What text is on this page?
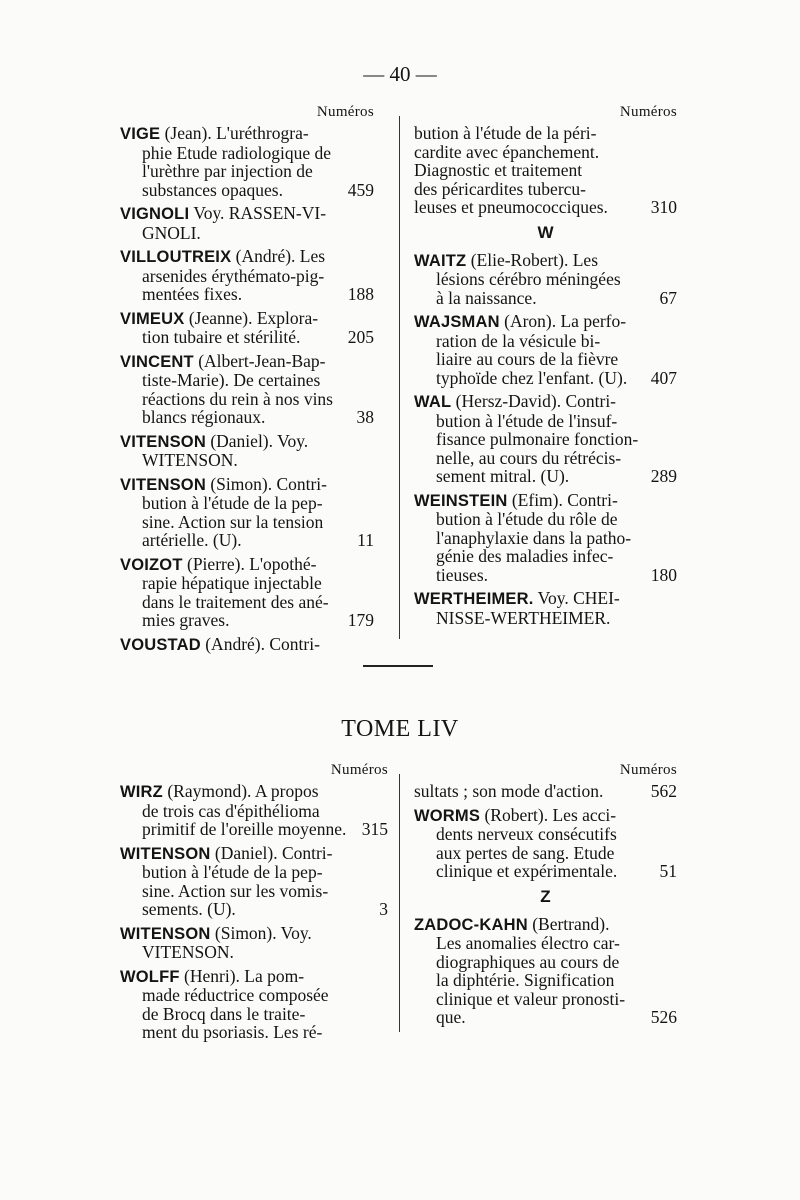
— 40 —
Numéros
VIGE (Jean). L'uréthrogra-
phie Etude radiologique de
l'urèthre par injection de
substances opaques.	459
VIGNOLI Voy. RASSEN-VI-
GNOLI.
VILLOUTREIX (André). Les
arsenides érythémato-pig-
mentées fixes.	188
VIMEUX (Jeanne). Explora-
tion tubaire et stérilité.	205
VINCENT (Albert-Jean-Bap-
tiste-Marie). De certaines
réactions du rein à nos vins
blancs régionaux.	38
VITENSON (Daniel). Voy.
WITENSON.
VITENSON (Simon). Contri-
bution à l'étude de la pep-
sine. Action sur la tension
artérielle. (U).	11
VOIZOT (Pierre). L'opothé-
rapie hépatique injectable
dans le traitement des ané-
mies graves.	179
VOUSTAD (André). Contri-
Numéros
bution à l'étude de la péri-
cardite avec épanchement.
Diagnostic et traitement
des péricardites tubercu-
leuses et pneumococciques.	310
W
WAITZ (Elie-Robert). Les
lésions cérébro méningées
à la naissance.	67
WAJSMAN (Aron). La perfo-
ration de la vésicule bi-
liaire au cours de la fièvre
typhoïde chez l'enfant. (U).	407
WAL (Hersz-David). Contri-
bution à l'étude de l'insuf-
fisance pulmonaire fonction-
nelle, au cours du rétrécis-
sement mitral. (U).	289
WEINSTEIN (Efim). Contri-
bution à l'étude du rôle de
l'anaphylaxie dans la patho-
génie des maladies infec-
tieuses.	180
WERTHEIMER. Voy. CHEI-
NISSE-WERTHEIMER.
TOME LIV
Numéros
WIRZ (Raymond). A propos
de trois cas d'épithélioma
primitif de l'oreille moyenne. 315
WITENSON (Daniel). Contri-
bution à l'étude de la pep-
sine. Action sur les vomis-
sements. (U).	3
WITENSON (Simon). Voy.
VITENSON.
WOLFF (Henri). La pom-
made réductrice composée
de Brocq dans le traite-
ment du psoriasis. Les ré-
Numéros
sultats ; son mode d'action.	562
WORMS (Robert). Les acci-
dents nerveux consécutifs
aux pertes de sang. Etude
clinique et expérimentale.	51
Z
ZADOC-KAHN (Bertrand).
Les anomalies électro car-
diographiques au cours de
la diphtérie. Signification
clinique et valeur pronosti-
que.	526
